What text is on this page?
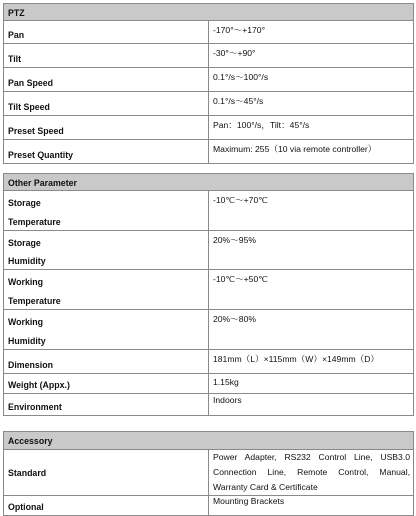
PTZ	
Pan	-170°～+170°
Tilt	-30°～+90°
Pan Speed	0.1°/s～100°/s
Tilt Speed	0.1°/s～45°/s
Preset Speed	Pan：100°/s，Tilt：45°/s
Preset Quantity	Maximum: 255（10 via remote controller）
Other Parameter	
Storage	-10℃～+70℃
Temperature	
Storage	20%～95%
Humidity	
Working	-10℃～+50℃
Temperature	
Working	20%～80%
Humidity	
Dimension	181mm（L）×115mm（W）×149mm（D）
Weight (Appx.)	1.15kg
Environment	Indoors
Accessory	
Standard	Power Adapter, RS232 Control Line, USB3.0 Connection Line, Remote Control, Manual, Warranty Card & Certificate
Optional	Mounting Brackets
